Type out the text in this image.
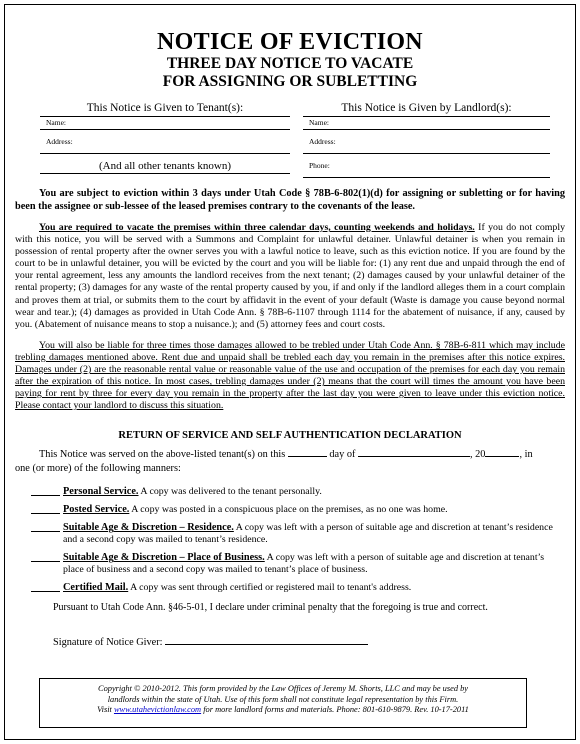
NOTICE OF EVICTION
THREE DAY NOTICE TO VACATE
FOR ASSIGNING OR SUBLETTING
This Notice is Given to Tenant(s):
Name:
Address:
(And all other tenants known)
This Notice is Given by Landlord(s):
Name:
Address:
Phone:
You are subject to eviction within 3 days under Utah Code § 78B-6-802(1)(d) for assigning or subletting or for having been the assignee or sub-lessee of the leased premises contrary to the covenants of the lease.

You are required to vacate the premises within three calendar days, counting weekends and holidays. If you do not comply with this notice, you will be served with a Summons and Complaint for unlawful detainer. Unlawful detainer is when you remain in possession of rental property after the owner serves you with a lawful notice to leave, such as this eviction notice. If you are found by the court to be in unlawful detainer, you will be evicted by the court and you will be liable for: (1) any rent due and unpaid through the end of your rental agreement, less any amounts the landlord receives from the next tenant; (2) damages caused by your unlawful detainer of the rental property; (3) damages for any waste of the rental property caused by you, if and only if the landlord alleges them in a court complain and proves them at trial, or submits them to the court by affidavit in the event of your default (Waste is damage you cause beyond normal wear and tear.); (4) damages as provided in Utah Code Ann. § 78B-6-1107 through 1114 for the abatement of nuisance, if any, caused by you. (Abatement of nuisance means to stop a nuisance.); and (5) attorney fees and court costs.

You will also be liable for three times those damages allowed to be trebled under Utah Code Ann. § 78B-6-811 which may include trebling damages mentioned above. Rent due and unpaid shall be trebled each day you remain in the premises after this notice expires. Damages under (2) are the reasonable rental value or reasonable value of the use and occupation of the premises for each day you remain after the expiration of this notice. In most cases, trebling damages under (2) means that the court will times the amount you have been paying for rent by three for every day you remain in the property after the last day you were given to leave under this eviction notice. Please contact your landlord to discuss this situation.

RETURN OF SERVICE AND SELF AUTHENTICATION DECLARATION
This Notice was served on the above-listed tenant(s) on this	day of	, 20	, in
one (or more) of the following manners:
Personal Service. A copy was delivered to the tenant personally.
Posted Service. A copy was posted in a conspicuous place on the premises, as no one was home.
Suitable Age & Discretion – Residence. A copy was left with a person of suitable age and discretion at tenant’s residence and a second copy was mailed to tenant’s residence.
Suitable Age & Discretion – Place of Business. A copy was left with a person of suitable age and discretion at tenant’s place of business and a second copy was mailed to tenant’s place of business.
Certified Mail. A copy was sent through certified or registered mail to tenant's address.
Pursuant to Utah Code Ann. §46-5-01, I declare under criminal penalty that the foregoing is true and correct.
Signature of Notice Giver:
Copyright © 2010-2012. This form provided by the Law Offices of Jeremy M. Shorts, LLC and may be used by
landlords within the state of Utah. Use of this form shall not constitute legal representation by this Firm.
Visit www.utahevictionlaw.com for more landlord forms and materials. Phone: 801-610-9879. Rev. 10-17-2011
